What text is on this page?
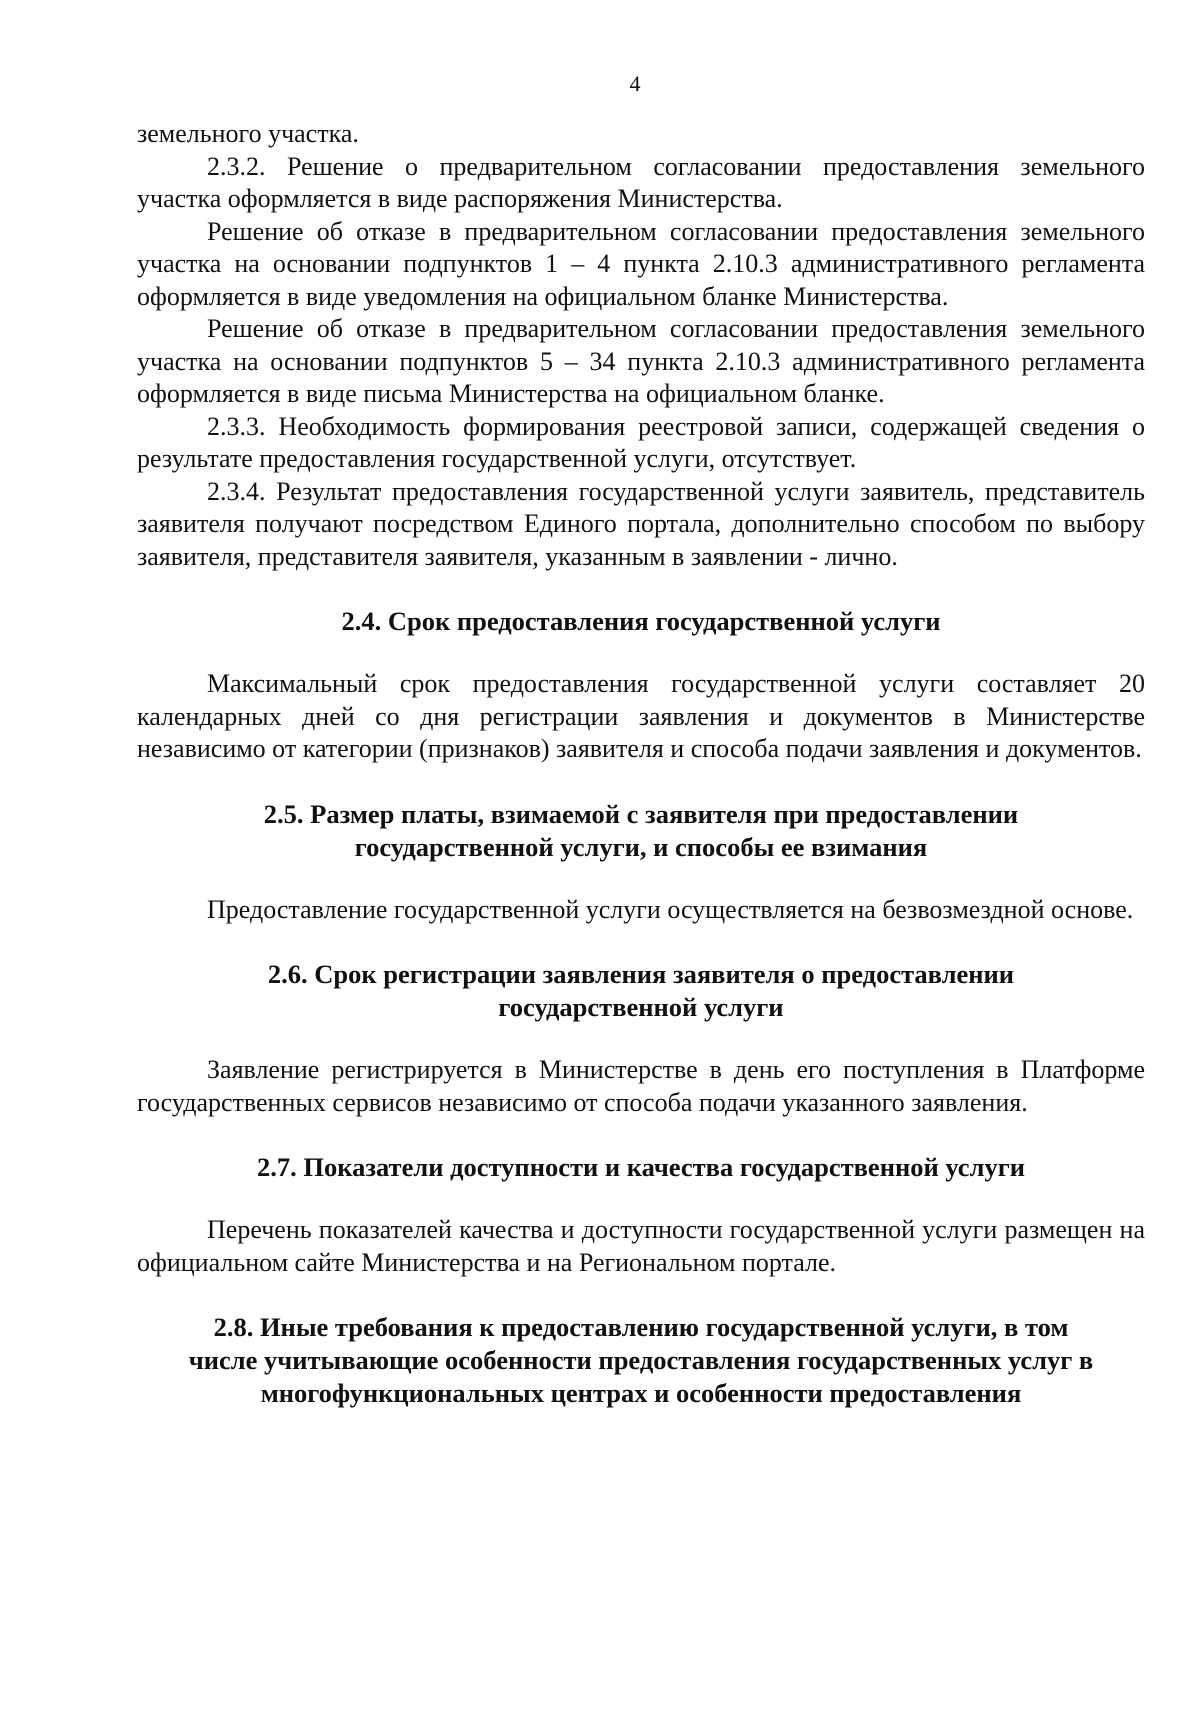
4

земельного участка.

2.3.2. Решение о предварительном согласовании предоставления земельного участка оформляется в виде распоряжения Министерства.

Решение об отказе в предварительном согласовании предоставления земельного участка на основании подпунктов 1 – 4 пункта 2.10.3 административного регламента оформляется в виде уведомления на официальном бланке Министерства.

Решение об отказе в предварительном согласовании предоставления земельного участка на основании подпунктов 5 – 34 пункта 2.10.3 административного регламента оформляется в виде письма Министерства на официальном бланке.

2.3.3. Необходимость формирования реестровой записи, содержащей сведения о результате предоставления государственной услуги, отсутствует.

2.3.4. Результат предоставления государственной услуги заявитель, представитель заявителя получают посредством Единого портала, дополнительно способом по выбору заявителя, представителя заявителя, указанным в заявлении - лично.

2.4. Срок предоставления государственной услуги

Максимальный срок предоставления государственной услуги составляет 20 календарных дней со дня регистрации заявления и документов в Министерстве независимо от категории (признаков) заявителя и способа подачи заявления и документов.

2.5. Размер платы, взимаемой с заявителя при предоставлении
государственной услуги, и способы ее взимания

Предоставление государственной услуги осуществляется на безвозмездной основе.

2.6. Срок регистрации заявления заявителя о предоставлении
государственной услуги

Заявление регистрируется в Министерстве в день его поступления в Платформе государственных сервисов независимо от способа подачи указанного заявления.

2.7. Показатели доступности и качества государственной услуги

Перечень показателей качества и доступности государственной услуги размещен на официальном сайте Министерства и на Региональном портале.

2.8. Иные требования к предоставлению государственной услуги, в том
числе учитывающие особенности предоставления государственных услуг в
многофункциональных центрах и особенности предоставления
